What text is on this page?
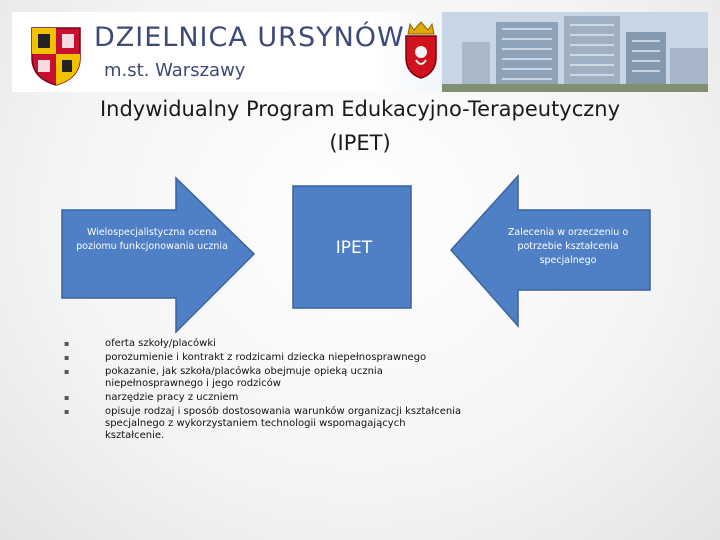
DZIELNICA URSYNÓW
m.st. Warszawy
Indywidualny Program Edukacyjno-Terapeutyczny
(IPET)
Wielospecjalistyczna ocena poziomu funkcjonowania ucznia	IPET
Zalecenia w orzeczeniu o potrzebie kształcenia specjalnego
▪	oferta szkoły/placówki
▪	porozumienie i kontrakt z rodzicami dziecka niepełnosprawnego
▪	pokazanie, jak szkoła/placówka obejmuje opieką ucznia niepełnosprawnego i jego rodziców
▪	narzędzie pracy z uczniem
▪	opisuje rodzaj i sposób dostosowania warunków organizacji kształcenia specjalnego z wykorzystaniem technologii wspomagających kształcenie.
